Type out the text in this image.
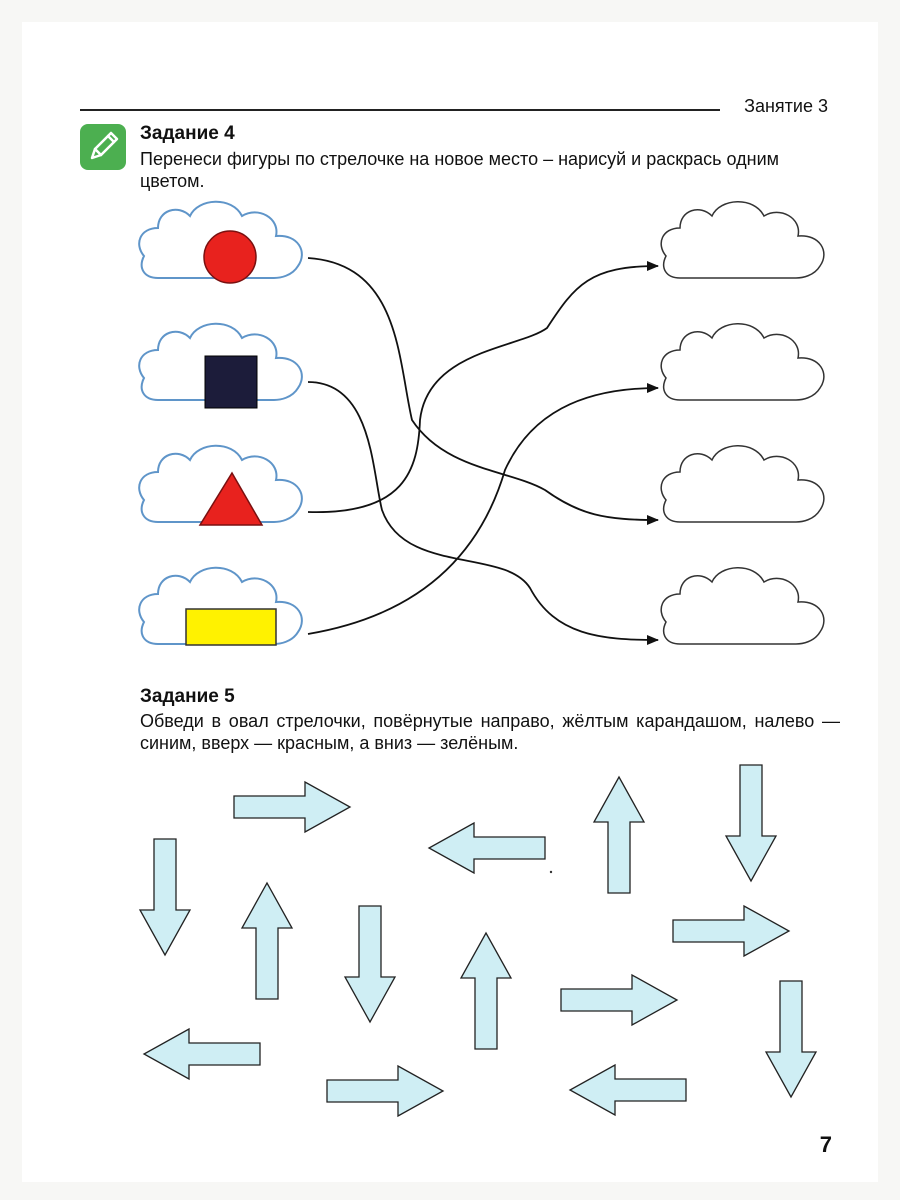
Занятие 3
Задание 4

Перенеси фигуры по стрелочке на новое место – нарисуй и раскрась одним цветом.

Задание 5

Обведи в овал стрелочки, повёрнутые направо, жёлтым карандашом, налево — синим, вверх — красным, а вниз — зелёным.

7
